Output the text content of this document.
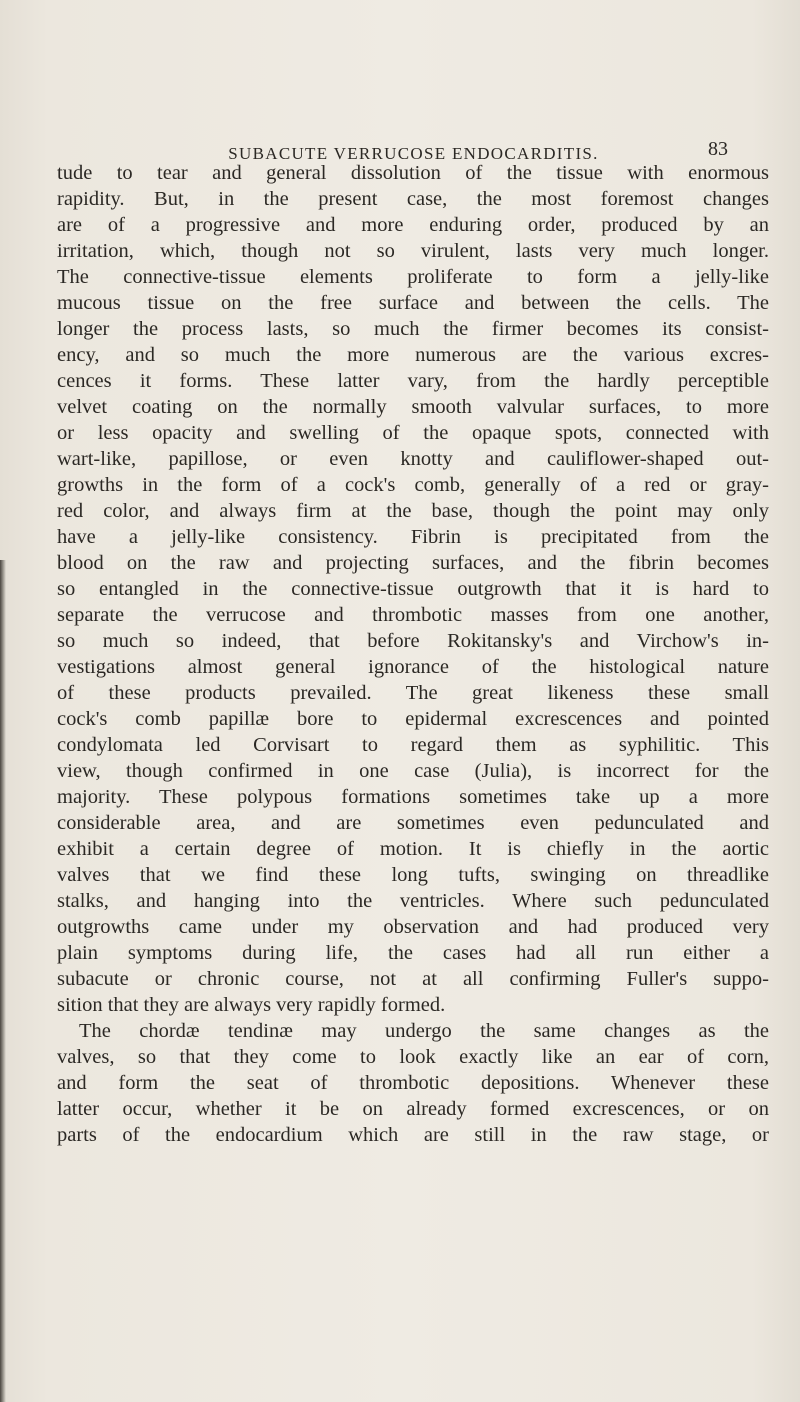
SUBACUTE VERRUCOSE ENDOCARDITIS.	83
tude to tear and general dissolution of the tissue with enormous
rapidity. But, in the present case, the most foremost changes
are of a progressive and more enduring order, produced by an
irritation, which, though not so virulent, lasts very much longer.
The connective-tissue elements proliferate to form a jelly-like
mucous tissue on the free surface and between the cells. The
longer the process lasts, so much the firmer becomes its consist-
ency, and so much the more numerous are the various excres-
cences it forms. These latter vary, from the hardly perceptible
velvet coating on the normally smooth valvular surfaces, to more
or less opacity and swelling of the opaque spots, connected with
wart-like, papillose, or even knotty and cauliflower-shaped out-
growths in the form of a cock's comb, generally of a red or gray-
red color, and always firm at the base, though the point may only
have a jelly-like consistency. Fibrin is precipitated from the
blood on the raw and projecting surfaces, and the fibrin becomes
so entangled in the connective-tissue outgrowth that it is hard to
separate the verrucose and thrombotic masses from one another,
so much so indeed, that before Rokitansky's and Virchow's in-
vestigations almost general ignorance of the histological nature
of these products prevailed. The great likeness these small
cock's comb papillæ bore to epidermal excrescences and pointed
condylomata led Corvisart to regard them as syphilitic. This
view, though confirmed in one case (Julia), is incorrect for the
majority. These polypous formations sometimes take up a more
considerable area, and are sometimes even pedunculated and
exhibit a certain degree of motion. It is chiefly in the aortic
valves that we find these long tufts, swinging on threadlike
stalks, and hanging into the ventricles. Where such pedunculated
outgrowths came under my observation and had produced very
plain symptoms during life, the cases had all run either a
subacute or chronic course, not at all confirming Fuller's suppo-
sition that they are always very rapidly formed.
The chordæ tendinæ may undergo the same changes as the
valves, so that they come to look exactly like an ear of corn,
and form the seat of thrombotic depositions. Whenever these
latter occur, whether it be on already formed excrescences, or on
parts of the endocardium which are still in the raw stage, or
